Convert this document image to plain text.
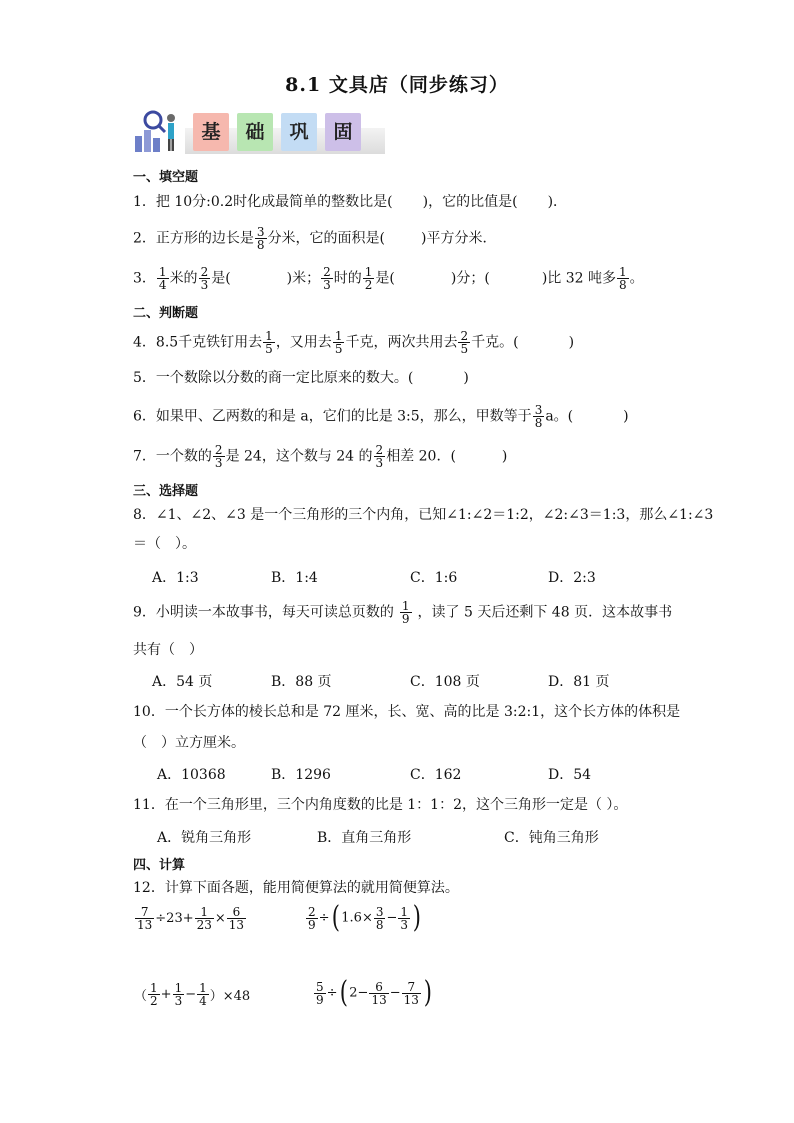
8.1 文具店（同步练习）
基	础	巩	固
一、填空题
1．把 10分:0.2时化成最简单的整数比是( )，它的比值是( )．
2．正方形的边长是 $\frac{3}{8}$ 分米，它的面积是(	)平方分米．
3． $\frac{1}{4}$ 米的 $\frac{2}{3}$ 是(	)米； $\frac{2}{3}$ 时的 $\frac{1}{2}$ 是(	)分；(	)比 32 吨多 $\frac{1}{8}$ 。
二、判断题
4．8.5千克铁钉用去 $\frac{1}{5}$ ，又用去 $\frac{1}{5}$ 千克，两次共用去 $\frac{2}{5}$ 千克。(	)
5．一个数除以分数的商一定比原来的数大。(	)
6．如果甲、乙两数的和是 a，它们的比是 3:5，那么，甲数等于 $\frac{3}{8}$ a。(	)
7．一个数的 $\frac{2}{3}$ 是 24，这个数与 24 的 $\frac{2}{3}$ 相差 20．(	)
三、选择题
8．∠1、∠2、∠3 是一个三角形的三个内角，已知∠1:∠2＝1:2，∠2:∠3＝1:3，那么∠1:∠3
＝（　）。
A．1:3	B．1:4	C．1:6	D．2:3
9．小明读一本故事书，每天可读总页数的 $\frac{1}{9}$ ，读了 5 天后还剩下 48 页．这本故事书
共有（　）
A．54 页	B．88 页	C．108 页	D．81 页
10．一个长方体的棱长总和是 72 厘米，长、宽、高的比是 3:2:1，这个长方体的体积是
（　）立方厘米。
A．10368	B．1296	C．162	D．54
11．在一个三角形里，三个内角度数的比是 1：1：2，这个三角形一定是（ ）。
A．锐角三角形	B．直角三角形	C．钝角三角形
四、计算
12．计算下面各题，能用简便算法的就用简便算法。
$\frac{7}{13} \div 23+ \frac{1}{23} \times \frac{6}{13}$	$\frac{2}{9}$ ÷( $1.6\times \frac{3}{8} - \frac{1}{3}$ )
（ $\frac{1}{2} + \frac{1}{3} - \frac{1}{4} )\times 48$	$\frac{5}{9}$ ÷( $2- \frac{6}{13} - \frac{7}{13}$ )
